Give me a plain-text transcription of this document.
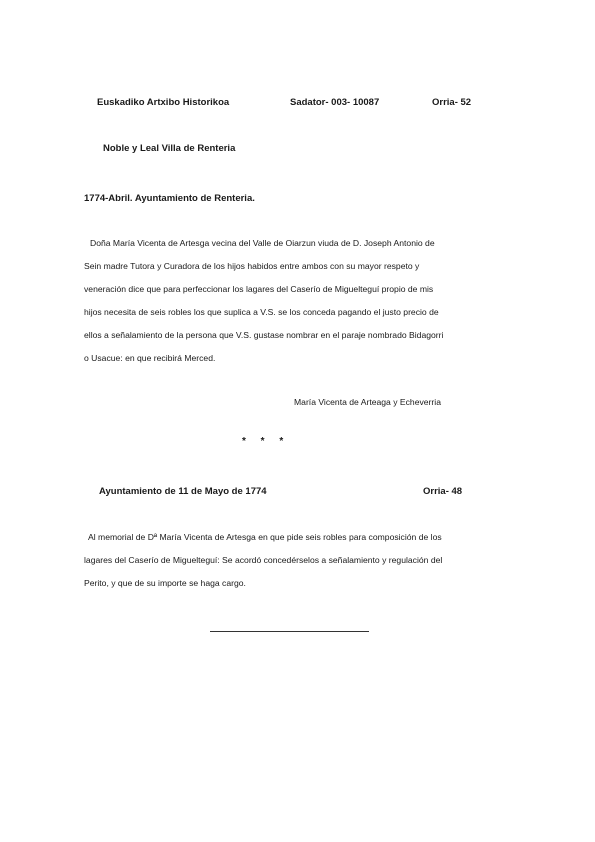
Euskadiko Artxibo Historikoa	Sadator- 003- 10087	Orria- 52
Noble y Leal Villa de Renteria
1774-Abril. Ayuntamiento de Renteria.
Doña María Vicenta de Artesga vecina del Valle de Oiarzun viuda de D. Joseph Antonio de
Sein madre Tutora y Curadora de los hijos habidos entre ambos con su mayor respeto y
veneración dice que para perfeccionar los lagares del Caserío de Miguelteguí propio de mis
hijos necesita de seis robles los que suplica a V.S. se los conceda pagando el justo precio de
ellos a señalamiento de la persona que V.S. gustase nombrar en el paraje nombrado Bidagorri
o Usacue: en que recibirá Merced.
María Vicenta de Arteaga y Echeverria
* * *
Ayuntamiento de 11 de Mayo de 1774	Orria- 48
Al memorial de Dª María Vicenta de Artesga en que pide seis robles para composición de los
lagares del Caserío de Miguelteguí: Se acordó concedérselos a señalamiento y regulación del
Perito, y que de su importe se haga cargo.
